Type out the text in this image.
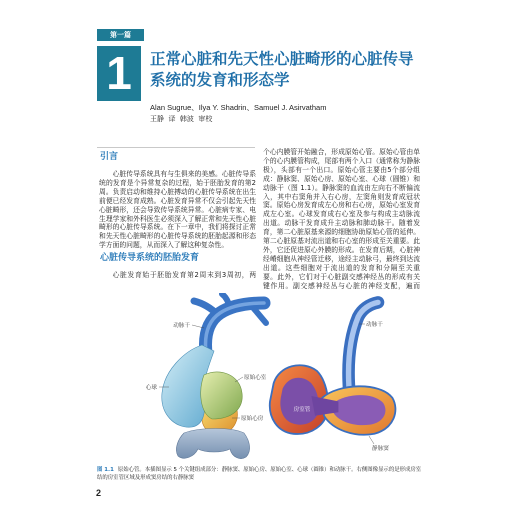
第一篇
1	正常心脏和先天性心脏畸形的心脏传导
系统的发育和形态学
Alan Sugrue、Ilya Y. Shadrin、Samuel J. Asirvatham
王静  译  韩波  审校
引言
心脏传导系统具有与生俱来的美感。心脏传导系
统的发育是个异常复杂的过程，始于胚胎发育的第2
周。负责启动和维持心脏搏动的心脏传导系统在出生
前便已经发育成熟。心脏发育异常不仅会引起先天性
心脏畸形，还会导致传导系统异常。心脏病专家、电
生理学家和外科医生必须深入了解正常和先天性心脏
畸形的心脏传导系统。在下一章中，我们将探讨正常
和先天性心脏畸形的心脏传导系统的胚胎起源和形态
学方面的问题，从而深入了解这种复杂性。
心脏传导系统的胚胎发育
心脏发育始于胚胎发育第2周末到3周初，两
个心内膜管开始融合，形成原始心管。原始心管由单
个的心内膜管构成，尾部有两个入口（通常称为静脉
极），头部有一个出口。原始心管主要由5个部分组
成：静脉窦、原始心房、原始心室、心球（圆锥）和
动脉干（图 1.1）。静脉窦的血流由左向右不断偏流
入，其中右窦角并入右心房，左窦角则发育成冠状
窦。原始心房发育成左心房和右心房，原始心室发育
成左心室。心球发育成右心室及参与构成主动脉流
出道。动脉干发育成升主动脉和肺动脉干。随着发
育，第二心脏原基来源的细胞协助原始心管的延伸。
第二心脏原基对流出道和右心室的形成至关重要。此
外，它还促进原心外膜的形成。在发育后期，心脏神
经嵴细胞从神经管迁移，途经主动脉弓，最终到达流
出道。这些细胞对于流出道的发育和分隔至关重
要。此外，它们对于心脏副交感神经丛的形成有关
键作用。副交感神经丛与心脏的神经支配，遍而
动脉干
心球
原始心室
原始心房
动脉干
房室管
静脉窦
图 1.1 原始心管。本插图显示 5 个关键组成部分：静脉窦、原始心房、原始心室、心球（圆锥）和动脉干。右侧图像显示的是形成房室结的房室管区域及形成窦房结的右静脉窦
2
